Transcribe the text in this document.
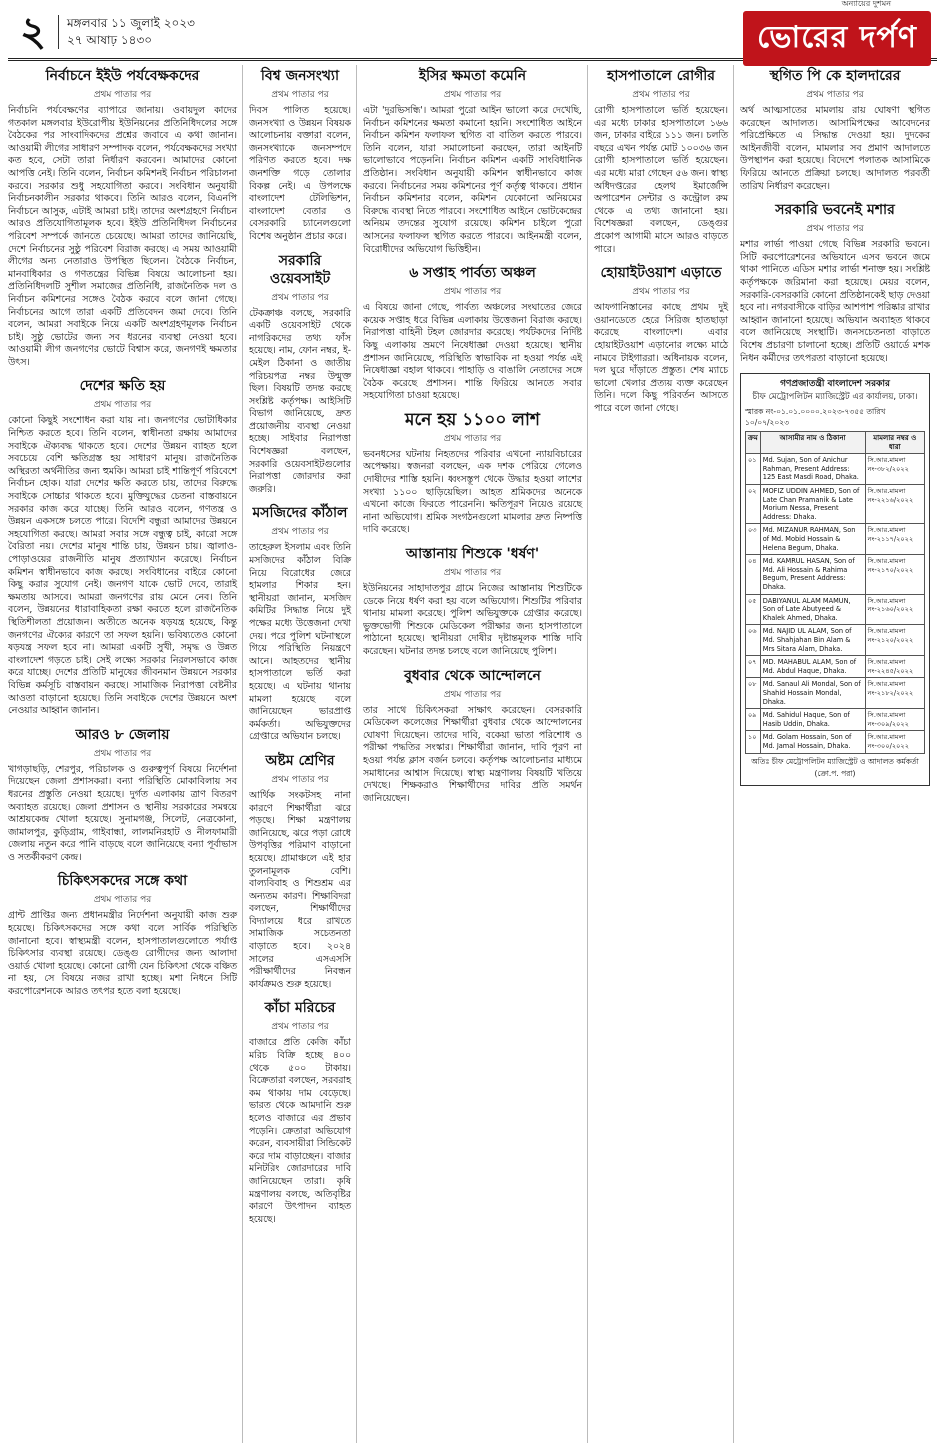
২	মঙ্গলবার ১১ জুলাই ২০২৩
২৭ আষাঢ় ১৪৩০
অন্যায়ের দুশমন
ভোরের দর্পণ
নির্বাচনে ইইউ পর্যবেক্ষকদের
প্রথম পাতার পর

নির্বাচনি পর্যবেক্ষণের ব্যাপারে জানায়। ওবায়দুল কাদের গতকাল মঙ্গলবার ইউরোপীয় ইউনিয়নের প্রতিনিধিদলের সঙ্গে বৈঠকের পর সাংবাদিকদের প্রশ্নের জবাবে এ কথা জানান। আওয়ামী লীগের সাধারণ সম্পাদক বলেন, পর্যবেক্ষকদের সংখ্যা কত হবে, সেটা তারা নির্ধারণ করবেন। আমাদের কোনো আপত্তি নেই। তিনি বলেন, নির্বাচন কমিশনই নির্বাচন পরিচালনা করবে। সরকার শুধু সহযোগিতা করবে। সংবিধান অনুযায়ী নির্বাচনকালীন সরকার থাকবে। তিনি আরও বলেন, বিএনপি নির্বাচনে আসুক, এটাই আমরা চাই। তাদের অংশগ্রহণে নির্বাচন আরও প্রতিযোগিতামূলক হবে। ইইউ প্রতিনিধিদল নির্বাচনের পরিবেশ সম্পর্কে জানতে চেয়েছে। আমরা তাদের জানিয়েছি, দেশে নির্বাচনের সুষ্ঠু পরিবেশ বিরাজ করছে। এ সময় আওয়ামী লীগের অন্য নেতারাও উপস্থিত ছিলেন। বৈঠকে নির্বাচন, মানবাধিকার ও গণতন্ত্রের বিভিন্ন বিষয়ে আলোচনা হয়। প্রতিনিধিদলটি সুশীল সমাজের প্রতিনিধি, রাজনৈতিক দল ও নির্বাচন কমিশনের সঙ্গেও বৈঠক করবে বলে জানা গেছে। নির্বাচনের আগে তারা একটি প্রতিবেদন জমা দেবে। তিনি বলেন, আমরা সবাইকে নিয়ে একটি অংশগ্রহণমূলক নির্বাচন চাই। সুষ্ঠু ভোটের জন্য সব ধরনের ব্যবস্থা নেওয়া হবে। আওয়ামী লীগ জনগণের ভোটে বিশ্বাস করে, জনগণই ক্ষমতার উৎস।

দেশের ক্ষতি হয়
প্রথম পাতার পর

কোনো কিছুই সংশোধন করা যায় না। জনগণের ভোটাধিকার নিশ্চিত করতে হবে। তিনি বলেন, স্বাধীনতা রক্ষায় আমাদের সবাইকে ঐক্যবদ্ধ থাকতে হবে। দেশের উন্নয়ন ব্যাহত হলে সবচেয়ে বেশি ক্ষতিগ্রস্ত হয় সাধারণ মানুষ। রাজনৈতিক অস্থিরতা অর্থনীতির জন্য হুমকি। আমরা চাই শান্তিপূর্ণ পরিবেশে নির্বাচন হোক। যারা দেশের ক্ষতি করতে চায়, তাদের বিরুদ্ধে সবাইকে সোচ্চার থাকতে হবে। মুক্তিযুদ্ধের চেতনা বাস্তবায়নে সরকার কাজ করে যাচ্ছে। তিনি আরও বলেন, গণতন্ত্র ও উন্নয়ন একসঙ্গে চলতে পারে। বিদেশি বন্ধুরা আমাদের উন্নয়নে সহযোগিতা করছে। আমরা সবার সঙ্গে বন্ধুত্ব চাই, কারো সঙ্গে বৈরিতা নয়। দেশের মানুষ শান্তি চায়, উন্নয়ন চায়। জ্বালাও-পোড়াওয়ের রাজনীতি মানুষ প্রত্যাখ্যান করেছে। নির্বাচন কমিশন স্বাধীনভাবে কাজ করছে। সংবিধানের বাইরে কোনো কিছু করার সুযোগ নেই। জনগণ যাকে ভোট দেবে, তারাই ক্ষমতায় আসবে। আমরা জনগণের রায় মেনে নেব। তিনি বলেন, উন্নয়নের ধারাবাহিকতা রক্ষা করতে হলে রাজনৈতিক স্থিতিশীলতা প্রয়োজন। অতীতে অনেক ষড়যন্ত্র হয়েছে, কিন্তু জনগণের ঐক্যের কারণে তা সফল হয়নি। ভবিষ্যতেও কোনো ষড়যন্ত্র সফল হবে না। আমরা একটি সুখী, সমৃদ্ধ ও উন্নত বাংলাদেশ গড়তে চাই। সেই লক্ষ্যে সরকার নিরলসভাবে কাজ করে যাচ্ছে। দেশের প্রতিটি মানুষের জীবনমান উন্নয়নে সরকার বিভিন্ন কর্মসূচি বাস্তবায়ন করছে। সামাজিক নিরাপত্তা বেষ্টনীর আওতা বাড়ানো হয়েছে। তিনি সবাইকে দেশের উন্নয়নে অংশ নেওয়ার আহ্বান জানান।

আরও ৮ জেলায়
প্রথম পাতার পর

খাগড়াছড়ি, শেরপুর, পরিচালক ও গুরুত্বপূর্ণ বিষয়ে নির্দেশনা দিয়েছেন জেলা প্রশাসকরা। বন্যা পরিস্থিতি মোকাবিলায় সব ধরনের প্রস্তুতি নেওয়া হয়েছে। দুর্গত এলাকায় ত্রাণ বিতরণ অব্যাহত রয়েছে। জেলা প্রশাসন ও স্থানীয় সরকারের সমন্বয়ে আশ্রয়কেন্দ্র খোলা হয়েছে। সুনামগঞ্জ, সিলেট, নেত্রকোনা, জামালপুর, কুড়িগ্রাম, গাইবান্ধা, লালমনিরহাট ও নীলফামারী জেলায় নতুন করে পানি বাড়ছে বলে জানিয়েছে বন্যা পূর্বাভাস ও সতর্কীকরণ কেন্দ্র।

চিকিৎসকদের সঙ্গে কথা
প্রথম পাতার পর

গ্রান্ট প্রাপ্তির জন্য প্রধানমন্ত্রীর নির্দেশনা অনুযায়ী কাজ শুরু হয়েছে। চিকিৎসকদের সঙ্গে কথা বলে সার্বিক পরিস্থিতি জানানো হবে। স্বাস্থ্যমন্ত্রী বলেন, হাসপাতালগুলোতে পর্যাপ্ত চিকিৎসার ব্যবস্থা রয়েছে। ডেঙ্গু রোগীদের জন্য আলাদা ওয়ার্ড খোলা হয়েছে। কোনো রোগী যেন চিকিৎসা থেকে বঞ্চিত না হয়, সে বিষয়ে নজর রাখা হচ্ছে। মশা নিধনে সিটি করপোরেশনকে আরও তৎপর হতে বলা হয়েছে।

বিশ্ব জনসংখ্যা
প্রথম পাতার পর

দিবস পালিত হয়েছে। জনসংখ্যা ও উন্নয়ন বিষয়ক আলোচনায় বক্তারা বলেন, জনসংখ্যাকে জনসম্পদে পরিণত করতে হবে। দক্ষ জনশক্তি গড়ে তোলার বিকল্প নেই। এ উপলক্ষে বাংলাদেশ টেলিভিশন, বাংলাদেশ বেতার ও বেসরকারি চ্যানেলগুলো বিশেষ অনুষ্ঠান প্রচার করে।

সরকারি ওয়েবসাইট
প্রথম পাতার পর

টেকক্রাঞ্চ বলছে, সরকারি একটি ওয়েবসাইট থেকে নাগরিকদের তথ্য ফাঁস হয়েছে। নাম, ফোন নম্বর, ই-মেইল ঠিকানা ও জাতীয় পরিচয়পত্র নম্বর উন্মুক্ত ছিল। বিষয়টি তদন্ত করছে সংশ্লিষ্ট কর্তৃপক্ষ। আইসিটি বিভাগ জানিয়েছে, দ্রুত প্রয়োজনীয় ব্যবস্থা নেওয়া হচ্ছে। সাইবার নিরাপত্তা বিশেষজ্ঞরা বলছেন, সরকারি ওয়েবসাইটগুলোর নিরাপত্তা জোরদার করা জরুরি।

মসজিদের কাঁঠাল
প্রথম পাতার পর

তাহেরুল ইসলাম এবং তিনি মসজিদের কাঁঠাল বিক্রি নিয়ে বিরোধের জেরে হামলার শিকার হন। স্থানীয়রা জানান, মসজিদ কমিটির সিদ্ধান্ত নিয়ে দুই পক্ষের মধ্যে উত্তেজনা দেখা দেয়। পরে পুলিশ ঘটনাস্থলে গিয়ে পরিস্থিতি নিয়ন্ত্রণে আনে। আহতদের স্থানীয় হাসপাতালে ভর্তি করা হয়েছে। এ ঘটনায় থানায় মামলা হয়েছে বলে জানিয়েছেন ভারপ্রাপ্ত কর্মকর্তা। অভিযুক্তদের গ্রেপ্তারে অভিযান চলছে।

অষ্টম শ্রেণির
প্রথম পাতার পর

আর্থিক সংকটসহ নানা কারণে শিক্ষার্থীরা ঝরে পড়ছে। শিক্ষা মন্ত্রণালয় জানিয়েছে, ঝরে পড়া রোধে উপবৃত্তির পরিমাণ বাড়ানো হয়েছে। গ্রামাঞ্চলে এই হার তুলনামূলক বেশি। বাল্যবিবাহ ও শিশুশ্রম এর অন্যতম কারণ। শিক্ষাবিদরা বলছেন, শিক্ষার্থীদের বিদ্যালয়ে ধরে রাখতে সামাজিক সচেতনতা বাড়াতে হবে। ২০২৪ সালের এসএসসি পরীক্ষার্থীদের নিবন্ধন কার্যক্রমও শুরু হয়েছে।

কাঁচা মরিচের
প্রথম পাতার পর

বাজারে প্রতি কেজি কাঁচা মরিচ বিক্রি হচ্ছে ৪০০ থেকে ৫০০ টাকায়। বিক্রেতারা বলছেন, সরবরাহ কম থাকায় দাম বেড়েছে। ভারত থেকে আমদানি শুরু হলেও বাজারে এর প্রভাব পড়েনি। ক্রেতারা অভিযোগ করেন, ব্যবসায়ীরা সিন্ডিকেট করে দাম বাড়াচ্ছেন। বাজার মনিটরিং জোরদারের দাবি জানিয়েছেন তারা। কৃষি মন্ত্রণালয় বলছে, অতিবৃষ্টির কারণে উৎপাদন ব্যাহত হয়েছে।

ইসির ক্ষমতা কমেনি
প্রথম পাতার পর

এটা 'দুরভিসন্ধি'। আমরা পুরো আইন ভালো করে দেখেছি, নির্বাচন কমিশনের ক্ষমতা কমানো হয়নি। সংশোধিত আইনে নির্বাচন কমিশন ফলাফল স্থগিত বা বাতিল করতে পারবে। তিনি বলেন, যারা সমালোচনা করছেন, তারা আইনটি ভালোভাবে পড়েননি। নির্বাচন কমিশন একটি সাংবিধানিক প্রতিষ্ঠান। সংবিধান অনুযায়ী কমিশন স্বাধীনভাবে কাজ করবে। নির্বাচনের সময় কমিশনের পূর্ণ কর্তৃত্ব থাকবে। প্রধান নির্বাচন কমিশনার বলেন, কমিশন যেকোনো অনিয়মের বিরুদ্ধে ব্যবস্থা নিতে পারবে। সংশোধিত আইনে ভোটকেন্দ্রের অনিয়ম তদন্তের সুযোগ রয়েছে। কমিশন চাইলে পুরো আসনের ফলাফল স্থগিত করতে পারবে। আইনমন্ত্রী বলেন, বিরোধীদের অভিযোগ ভিত্তিহীন।

৬ সপ্তাহ পার্বত্য অঞ্চল
প্রথম পাতার পর

এ বিষয়ে জানা গেছে, পার্বত্য অঞ্চলের সংঘাতের জেরে কয়েক সপ্তাহ ধরে বিভিন্ন এলাকায় উত্তেজনা বিরাজ করছে। নিরাপত্তা বাহিনী টহল জোরদার করেছে। পর্যটকদের নির্দিষ্ট কিছু এলাকায় ভ্রমণে নিষেধাজ্ঞা দেওয়া হয়েছে। স্থানীয় প্রশাসন জানিয়েছে, পরিস্থিতি স্বাভাবিক না হওয়া পর্যন্ত এই নিষেধাজ্ঞা বহাল থাকবে। পাহাড়ি ও বাঙালি নেতাদের সঙ্গে বৈঠক করেছে প্রশাসন। শান্তি ফিরিয়ে আনতে সবার সহযোগিতা চাওয়া হয়েছে।

মনে হয় ১১০০ লাশ
প্রথম পাতার পর

ভবনধসের ঘটনায় নিহতদের পরিবার এখনো ন্যায়বিচারের অপেক্ষায়। স্বজনরা বলছেন, এক দশক পেরিয়ে গেলেও দোষীদের শাস্তি হয়নি। ধ্বংসস্তূপ থেকে উদ্ধার হওয়া লাশের সংখ্যা ১১০০ ছাড়িয়েছিল। আহত শ্রমিকদের অনেকে এখনো কাজে ফিরতে পারেননি। ক্ষতিপূরণ নিয়েও রয়েছে নানা অভিযোগ। শ্রমিক সংগঠনগুলো মামলার দ্রুত নিষ্পত্তি দাবি করেছে।

আস্তানায় শিশুকে 'ধর্ষণ'
প্রথম পাতার পর

ইউনিয়নের সাহাদাতপুর গ্রামে নিজের আস্তানায় শিশুটিকে ডেকে নিয়ে ধর্ষণ করা হয় বলে অভিযোগ। শিশুটির পরিবার থানায় মামলা করেছে। পুলিশ অভিযুক্তকে গ্রেপ্তার করেছে। ভুক্তভোগী শিশুকে মেডিকেল পরীক্ষার জন্য হাসপাতালে পাঠানো হয়েছে। স্থানীয়রা দোষীর দৃষ্টান্তমূলক শাস্তি দাবি করেছেন। ঘটনার তদন্ত চলছে বলে জানিয়েছে পুলিশ।

বুধবার থেকে আন্দোলনে
প্রথম পাতার পর

তার সাথে চিকিৎসকরা সাক্ষাৎ করেছেন। বেসরকারি মেডিকেল কলেজের শিক্ষার্থীরা বুধবার থেকে আন্দোলনের ঘোষণা দিয়েছেন। তাদের দাবি, বকেয়া ভাতা পরিশোধ ও পরীক্ষা পদ্ধতির সংস্কার। শিক্ষার্থীরা জানান, দাবি পূরণ না হওয়া পর্যন্ত ক্লাস বর্জন চলবে। কর্তৃপক্ষ আলোচনার মাধ্যমে সমাধানের আশ্বাস দিয়েছে। স্বাস্থ্য মন্ত্রণালয় বিষয়টি খতিয়ে দেখছে। শিক্ষকরাও শিক্ষার্থীদের দাবির প্রতি সমর্থন জানিয়েছেন।

হাসপাতালে রোগীর
প্রথম পাতার পর

রোগী হাসপাতালে ভর্তি হয়েছেন। এর মধ্যে ঢাকার হাসপাতালে ১৬৬ জন, ঢাকার বাইরে ১১১ জন। চলতি বছরে এখন পর্যন্ত মোট ১০০৩৬ জন রোগী হাসপাতালে ভর্তি হয়েছেন। এর মধ্যে মারা গেছেন ৫৬ জন। স্বাস্থ্য অধিদপ্তরের হেলথ ইমার্জেন্সি অপারেশন সেন্টার ও কন্ট্রোল রুম থেকে এ তথ্য জানানো হয়। বিশেষজ্ঞরা বলছেন, ডেঙ্গুর প্রকোপ আগামী মাসে আরও বাড়তে পারে।

হোয়াইটওয়াশ এড়াতে
প্রথম পাতার পর

আফগানিস্তানের কাছে প্রথম দুই ওয়ানডেতে হেরে সিরিজ হাতছাড়া করেছে বাংলাদেশ। এবার হোয়াইটওয়াশ এড়ানোর লক্ষ্যে মাঠে নামবে টাইগাররা। অধিনায়ক বলেন, দল ঘুরে দাঁড়াতে প্রস্তুত। শেষ ম্যাচে ভালো খেলার প্রত্যয় ব্যক্ত করেছেন তিনি। দলে কিছু পরিবর্তন আসতে পারে বলে জানা গেছে।

স্থগিত পি কে হালদারের
প্রথম পাতার পর

অর্থ আত্মসাতের মামলায় রায় ঘোষণা স্থগিত করেছেন আদালত। আসামিপক্ষের আবেদনের পরিপ্রেক্ষিতে এ সিদ্ধান্ত দেওয়া হয়। দুদকের আইনজীবী বলেন, মামলার সব প্রমাণ আদালতে উপস্থাপন করা হয়েছে। বিদেশে পলাতক আসামিকে ফিরিয়ে আনতে প্রক্রিয়া চলছে। আদালত পরবর্তী তারিখ নির্ধারণ করেছেন।

সরকারি ভবনেই মশার
প্রথম পাতার পর

মশার লার্ভা পাওয়া গেছে বিভিন্ন সরকারি ভবনে। সিটি করপোরেশনের অভিযানে এসব ভবনে জমে থাকা পানিতে এডিস মশার লার্ভা শনাক্ত হয়। সংশ্লিষ্ট কর্তৃপক্ষকে জরিমানা করা হয়েছে। মেয়র বলেন, সরকারি-বেসরকারি কোনো প্রতিষ্ঠানকেই ছাড় দেওয়া হবে না। নগরবাসীকে বাড়ির আশপাশ পরিষ্কার রাখার আহ্বান জানানো হয়েছে। অভিযান অব্যাহত থাকবে বলে জানিয়েছে সংস্থাটি। জনসচেতনতা বাড়াতে বিশেষ প্রচারণা চালানো হচ্ছে। প্রতিটি ওয়ার্ডে মশক নিধন কর্মীদের তৎপরতা বাড়ানো হয়েছে।

গণপ্রজাতন্ত্রী বাংলাদেশ সরকার
চীফ মেট্রোপলিটন ম্যাজিস্ট্রেট এর কার্যালয়, ঢাকা।
স্মারক নং-০১.০১.০০০০.২০২৩-৭৩৫৫ তারিখ ১০/০৭/২০২৩
ক্রম	আসামীর নাম ও ঠিকানা	মামলার নম্বর ও ধারা
০১	Md. Sujan, Son of Anichur Rahman, Present Address: 125 East Masdi Road, Dhaka.	সি.আর.মামলা নং-৩৮২/২০২২
০২	MOFIZ UDDIN AHMED, Son of Late Chan Pramanik & Late Morium Nessa, Present Address: Dhaka.	সি.আর.মামলা নং-২২১৬/২০২২
০৩	Md. MIZANUR RAHMAN, Son of Md. Mobid Hossain & Helena Begum, Dhaka.	সি.আর.মামলা নং-২১১৭/২০২২
০৪	Md. KAMRUL HASAN, Son of Md. Ali Hossain & Rahima Begum, Present Address: Dhaka.	সি.আর.মামলা নং-২১৭০/২০২২
০৫	DABIYANUL ALAM MAMUN, Son of Late Abutyeed & Khalek Ahmed, Dhaka.	সি.আর.মামলা নং-২১৬০/২০২২
০৬	Md. NAJID UL ALAM, Son of Md. Shahjahan Bin Alam & Mrs Sitara Alam, Dhaka.	সি.আর.মামলা নং-২১২০/২০২২
০৭	MD. MAHABUL ALAM, Son of Md. Abdul Haque, Dhaka.	সি.আর.মামলা নং-২২৪৫/২০২২
০৮	Md. Sanaul Ali Mondal, Son of Shahid Hossain Mondal, Dhaka.	সি.আর.মামলা নং-২১৮২/২০২২
০৯	Md. Sahidul Haque, Son of Hasib Uddin, Dhaka.	সি.আর.মামলা নং-৩০৯/২০২২
১০	Md. Golam Hossain, Son of Md. Jamal Hossain, Dhaka.	সি.আর.মামলা নং-৩০০/২০২২
অতিঃ চীফ মেট্রোপলিটন ম্যাজিস্ট্রেট ও আদালত কর্মকর্তা (ক্রো.প. পরা)
